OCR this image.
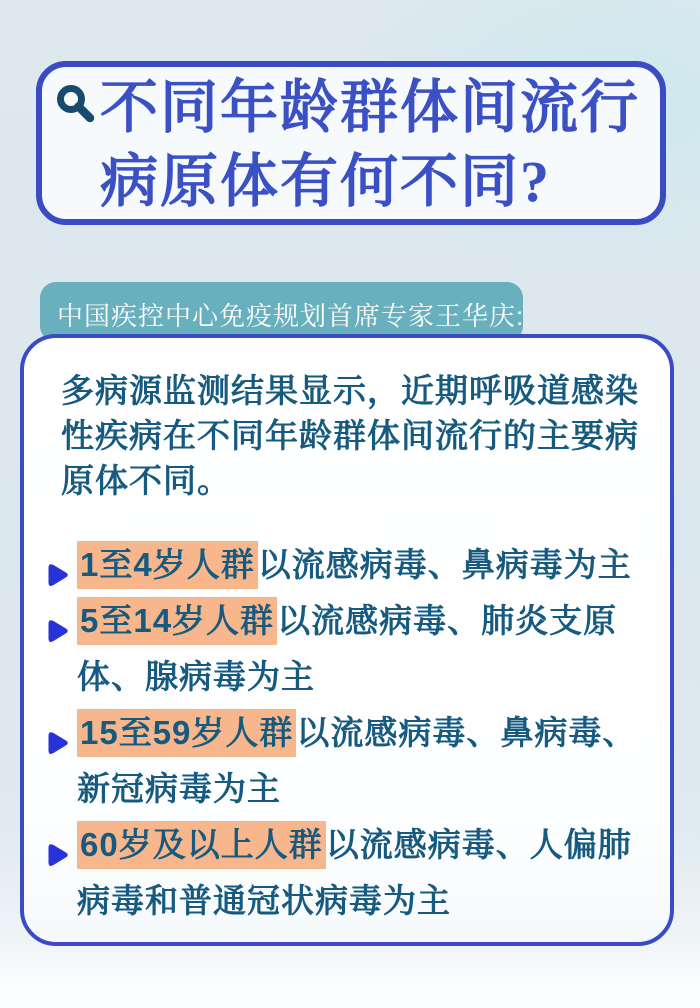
不同年龄群体间流行
病原体有何不同?
中国疾控中心免疫规划首席专家王华庆:

多病源监测结果显示，近期呼吸道感染性疾病在不同年龄群体间流行的主要病原体不同。

1至4岁人群以流感病毒、鼻病毒为主
5至14岁人群以流感病毒、肺炎支原体、腺病毒为主
15至59岁人群以流感病毒、鼻病毒、新冠病毒为主
60岁及以上人群以流感病毒、人偏肺病毒和普通冠状病毒为主
